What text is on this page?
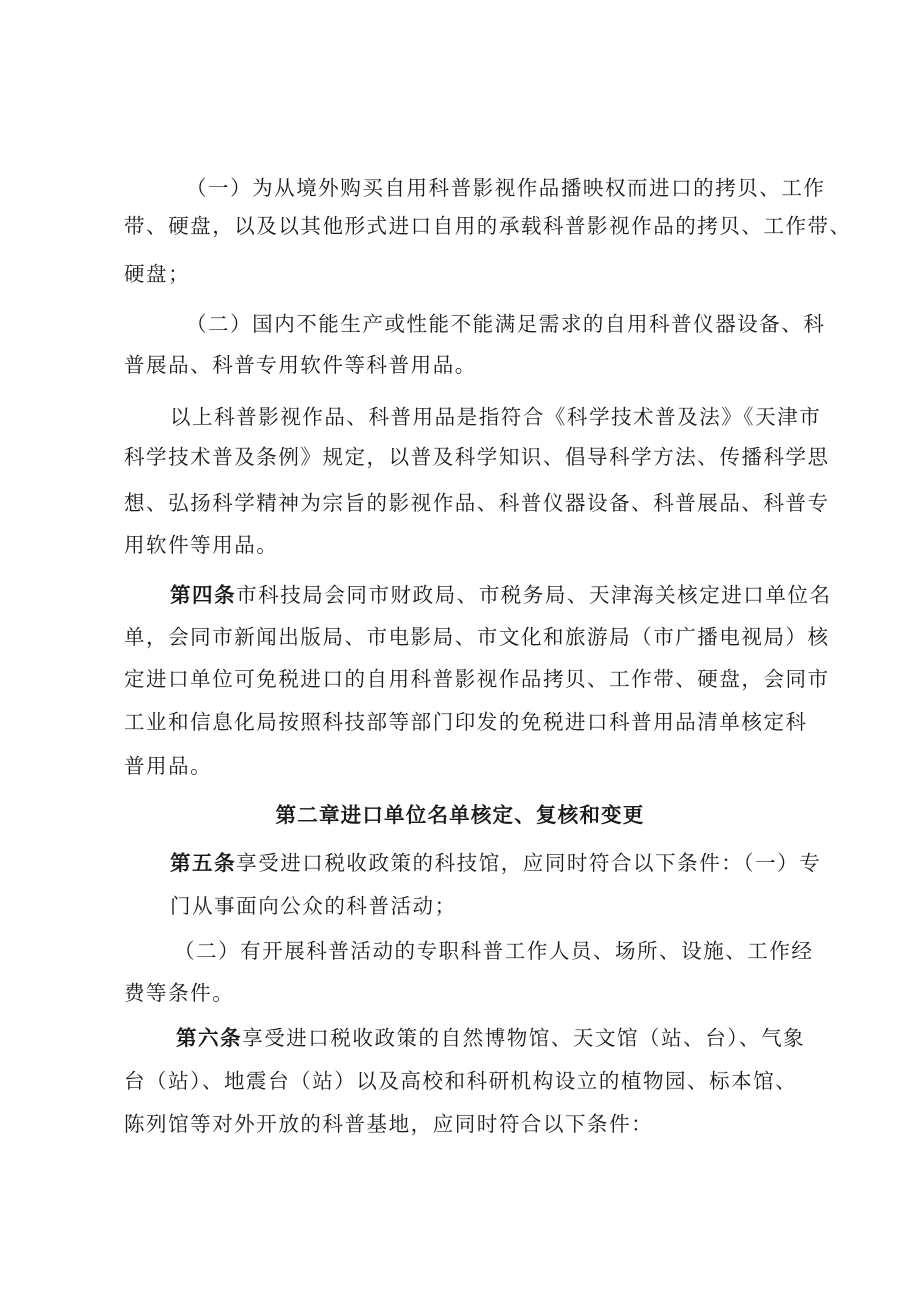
（一）为从境外购买自用科普影视作品播映权而进口的拷贝、工作
带、硬盘，以及以其他形式进口自用的承载科普影视作品的拷贝、工作带、
硬盘；
（二）国内不能生产或性能不能满足需求的自用科普仪器设备、科
普展品、科普专用软件等科普用品。
以上科普影视作品、科普用品是指符合《科学技术普及法》《天津市
科学技术普及条例》规定，以普及科学知识、倡导科学方法、传播科学思
想、弘扬科学精神为宗旨的影视作品、科普仪器设备、科普展品、科普专
用软件等用品。
第四条市科技局会同市财政局、市税务局、天津海关核定进口单位名
单，会同市新闻出版局、市电影局、市文化和旅游局（市广播电视局）核
定进口单位可免税进口的自用科普影视作品拷贝、工作带、硬盘，会同市
工业和信息化局按照科技部等部门印发的免税进口科普用品清单核定科
普用品。
第二章进口单位名单核定、复核和变更
第五条享受进口税收政策的科技馆，应同时符合以下条件：（一）专
门从事面向公众的科普活动；
（二）有开展科普活动的专职科普工作人员、场所、设施、工作经
费等条件。
第六条享受进口税收政策的自然博物馆、天文馆（站、台）、气象
台（站）、地震台（站）以及高校和科研机构设立的植物园、标本馆、
陈列馆等对外开放的科普基地，应同时符合以下条件：
